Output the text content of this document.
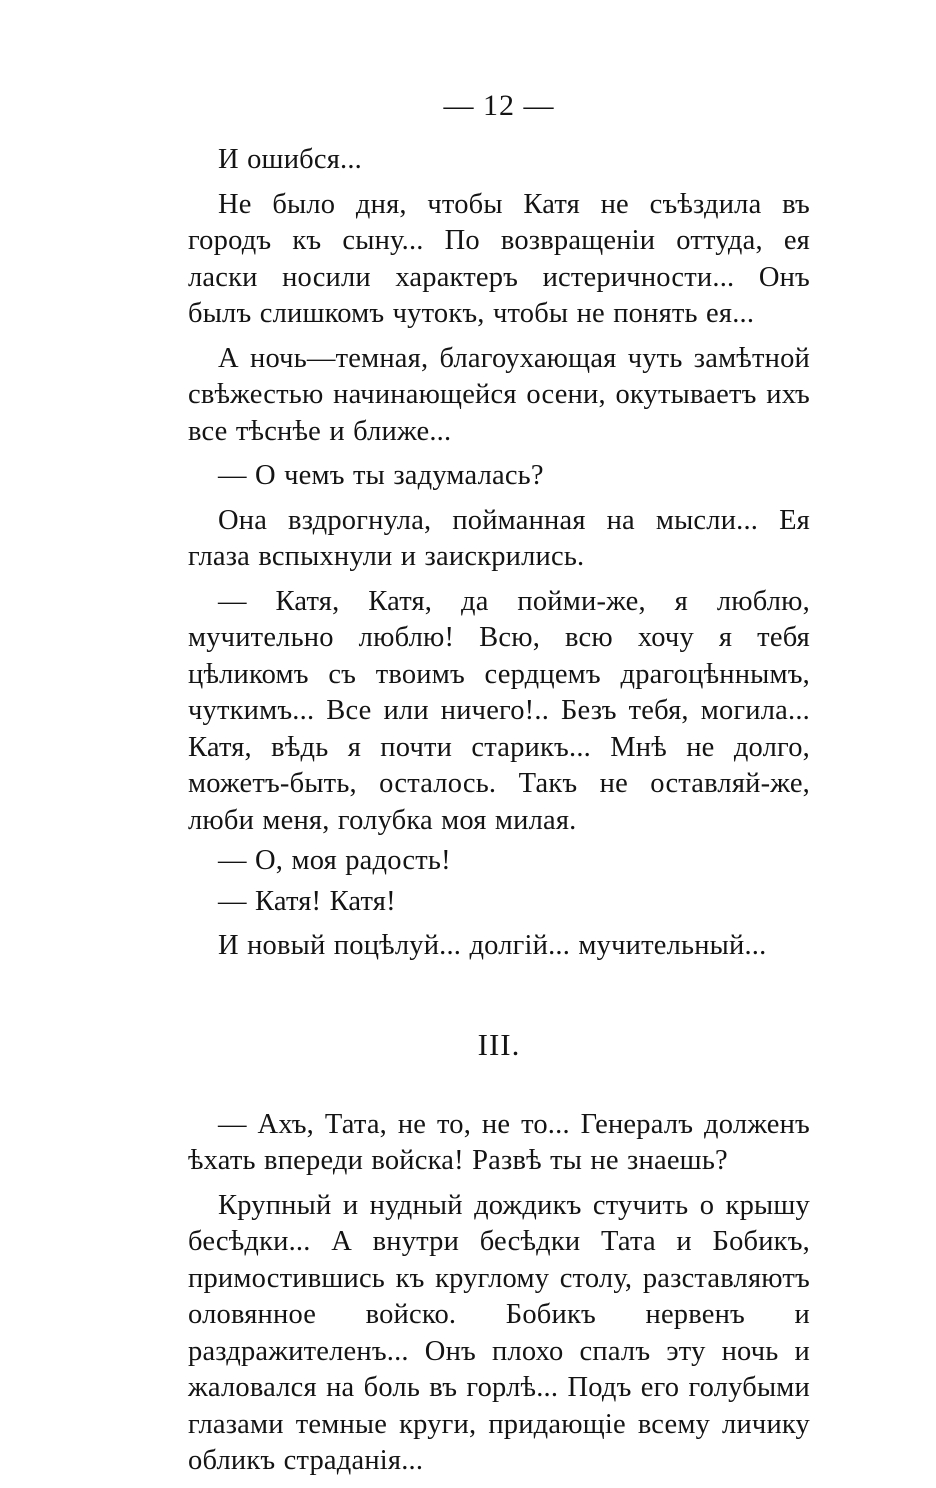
— 12 —

И ошибся...

Не было дня, чтобы Катя не съѣздила въ городъ къ сыну... По возвращеніи оттуда, ея ласки носили характеръ истеричности... Онъ былъ слишкомъ чутокъ, чтобы не понять ея...

А ночь—темная, благоухающая чуть замѣтной свѣжестью начинающейся осени, окутываетъ ихъ все тѣснѣе и ближе...

— О чемъ ты задумалась?

Она вздрогнула, пойманная на мысли... Ея глаза вспыхнули и заискрились.

— Катя, Катя, да пойми-же, я люблю, мучительно люблю! Всю, всю хочу я тебя цѣликомъ съ твоимъ сердцемъ драгоцѣннымъ, чуткимъ... Все или ничего!.. Безъ тебя, могила... Катя, вѣдь я почти старикъ... Мнѣ не долго, можетъ-быть, осталось. Такъ не оставляй-же, люби меня, голубка моя милая.

— О, моя радость!

— Катя! Катя!

И новый поцѣлуй... долгій... мучительный...

III.

— Ахъ, Тата, не то, не то... Генералъ долженъ ѣхать впереди войска! Развѣ ты не знаешь?

Крупный и нудный дождикъ стучить о крышу бесѣдки... А внутри бесѣдки Тата и Бобикъ, примостившись къ круглому столу, разставляютъ оловянное войско. Бобикъ нервенъ и раздражителенъ... Онъ плохо спалъ эту ночь и жаловался на боль въ горлѣ... Подъ его голубыми глазами темные круги, придающіе всему личику обликъ страданія...
